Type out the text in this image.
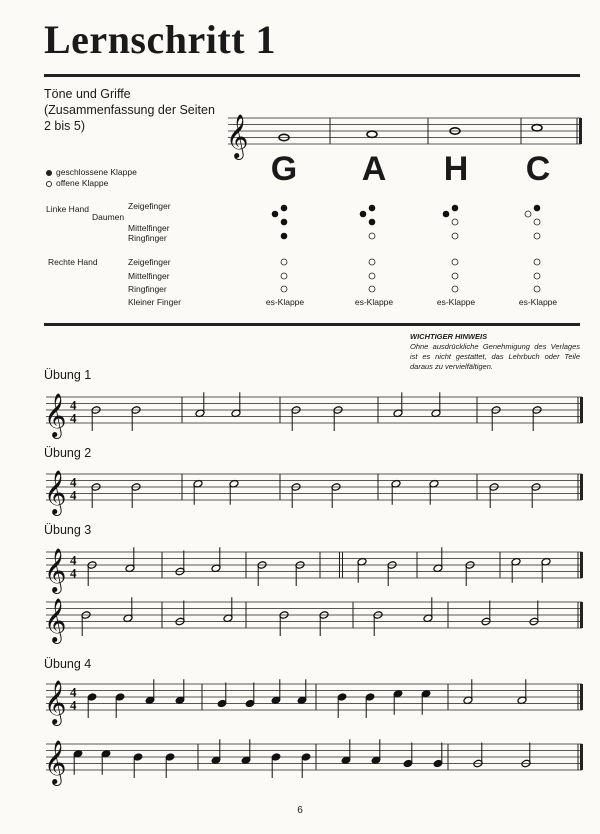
Lernschritt 1
Töne und Griffe (Zusammenfassung der Seiten 2 bis 5)	𝄞
𝄞 4
4
𝄞 4
4
𝄞 4
4
𝄞
𝄞 4
4
𝄞
geschlossene Klappe
offene Klappe	G	A	H	C
Linke Hand
Daumen
Zeigefinger
Mittelfinger
Ringfinger
Rechte Hand	Zeigefinger
Mittelfinger
Ringfinger
Kleiner Finger	es-Klappe	es-Klappe	es-Klappe	es-Klappe
WICHTIGER HINWEIS
Ohne ausdrückliche Genehmigung des Verlages ist es nicht gestattet, das Lehrbuch oder Teile daraus zu vervielfältigen.
Übung 1
Übung 2
Übung 3
Übung 4
6
